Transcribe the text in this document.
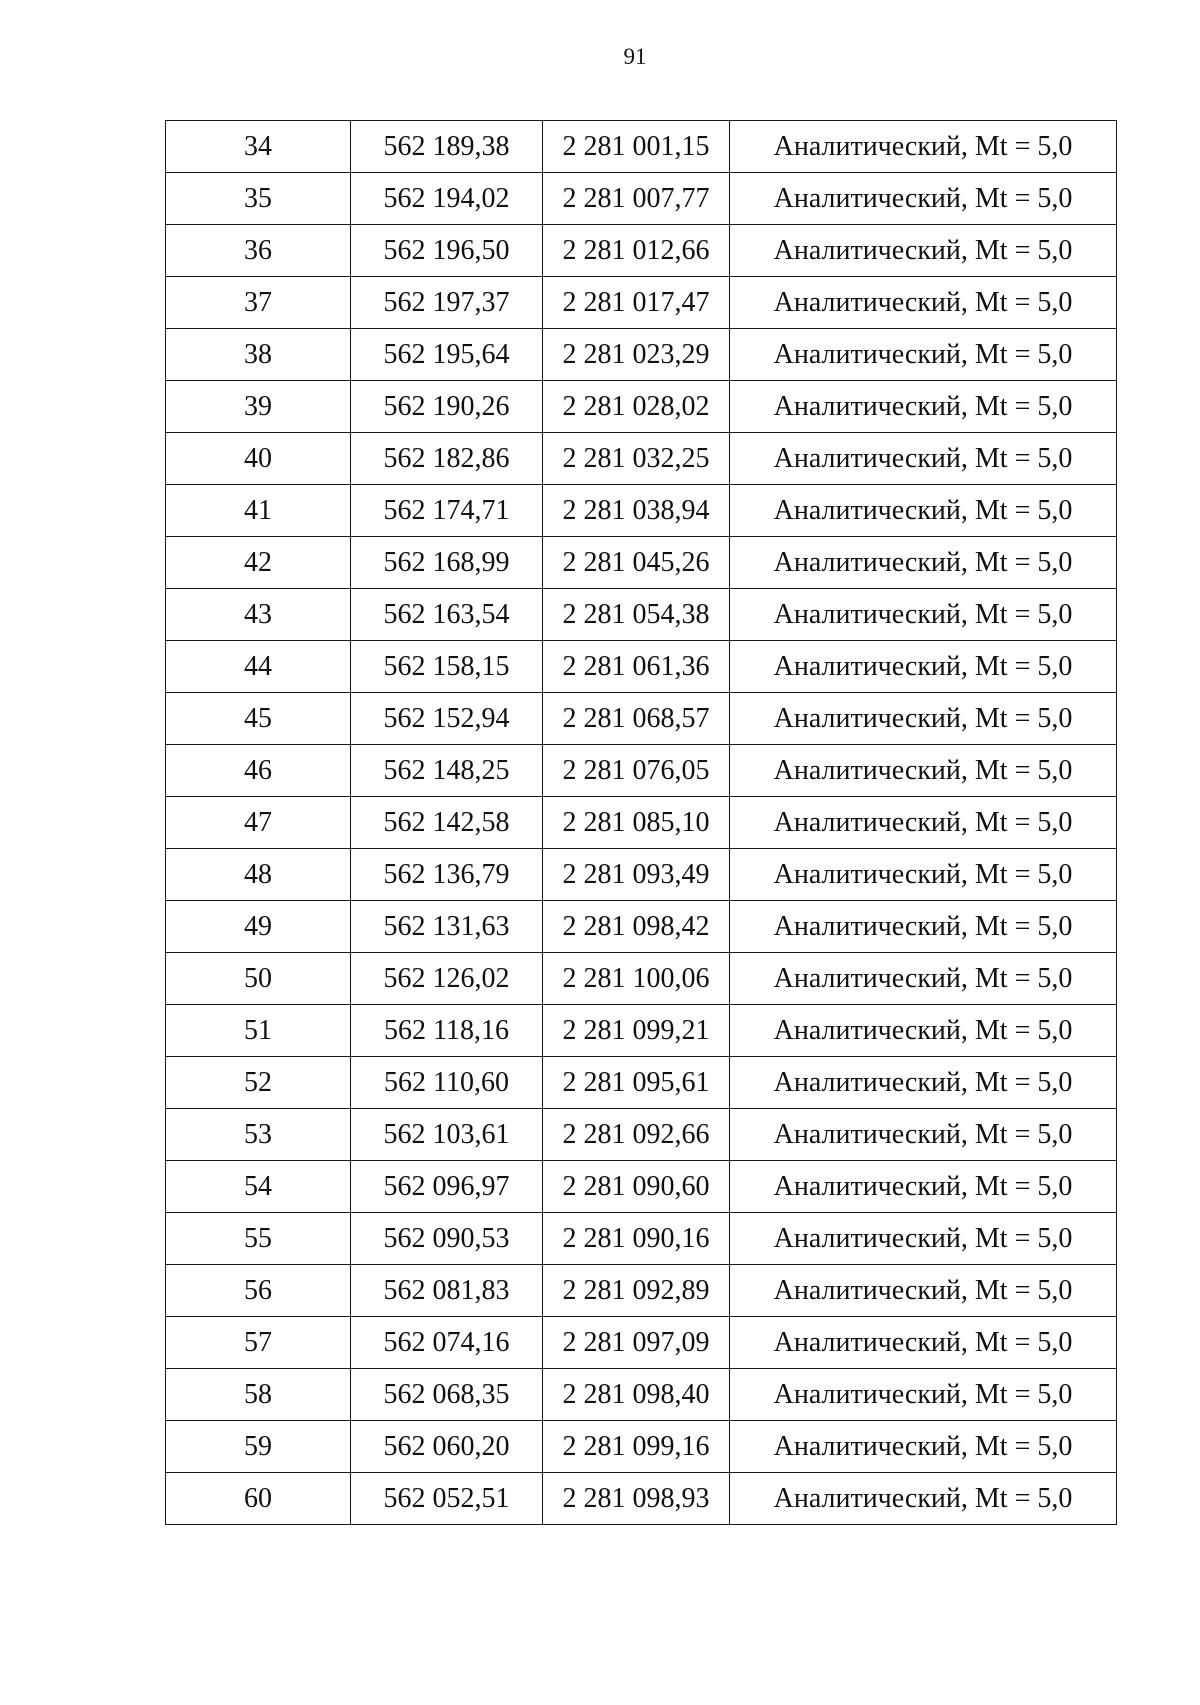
91
34	562 189,38	2 281 001,15	Аналитический, Mt = 5,0
35	562 194,02	2 281 007,77	Аналитический, Mt = 5,0
36	562 196,50	2 281 012,66	Аналитический, Mt = 5,0
37	562 197,37	2 281 017,47	Аналитический, Mt = 5,0
38	562 195,64	2 281 023,29	Аналитический, Mt = 5,0
39	562 190,26	2 281 028,02	Аналитический, Mt = 5,0
40	562 182,86	2 281 032,25	Аналитический, Mt = 5,0
41	562 174,71	2 281 038,94	Аналитический, Mt = 5,0
42	562 168,99	2 281 045,26	Аналитический, Mt = 5,0
43	562 163,54	2 281 054,38	Аналитический, Mt = 5,0
44	562 158,15	2 281 061,36	Аналитический, Mt = 5,0
45	562 152,94	2 281 068,57	Аналитический, Mt = 5,0
46	562 148,25	2 281 076,05	Аналитический, Mt = 5,0
47	562 142,58	2 281 085,10	Аналитический, Mt = 5,0
48	562 136,79	2 281 093,49	Аналитический, Mt = 5,0
49	562 131,63	2 281 098,42	Аналитический, Mt = 5,0
50	562 126,02	2 281 100,06	Аналитический, Mt = 5,0
51	562 118,16	2 281 099,21	Аналитический, Mt = 5,0
52	562 110,60	2 281 095,61	Аналитический, Mt = 5,0
53	562 103,61	2 281 092,66	Аналитический, Mt = 5,0
54	562 096,97	2 281 090,60	Аналитический, Mt = 5,0
55	562 090,53	2 281 090,16	Аналитический, Mt = 5,0
56	562 081,83	2 281 092,89	Аналитический, Mt = 5,0
57	562 074,16	2 281 097,09	Аналитический, Mt = 5,0
58	562 068,35	2 281 098,40	Аналитический, Mt = 5,0
59	562 060,20	2 281 099,16	Аналитический, Mt = 5,0
60	562 052,51	2 281 098,93	Аналитический, Mt = 5,0
